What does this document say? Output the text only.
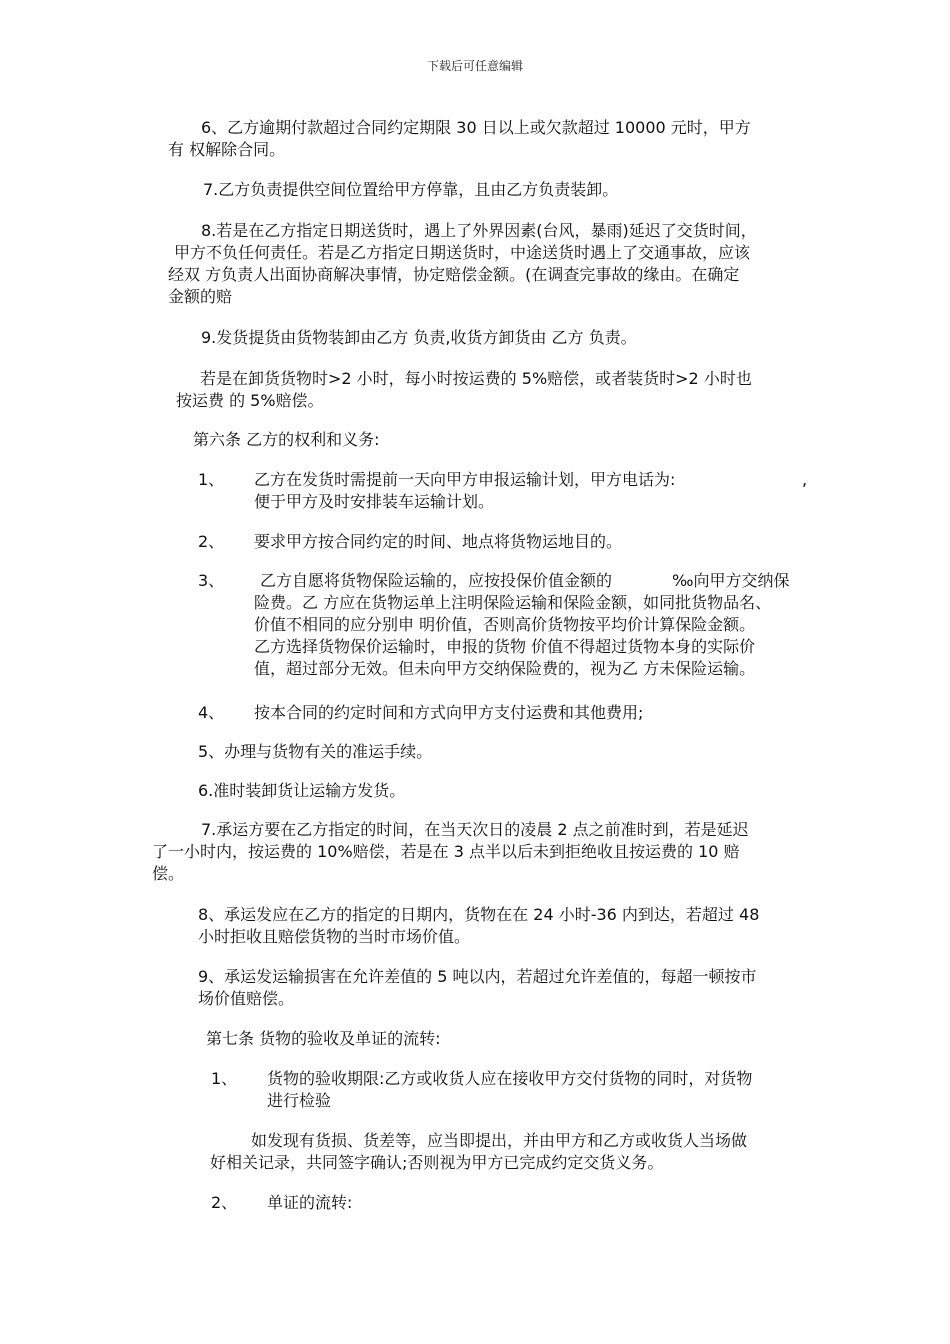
下载后可任意编辑
6、乙方逾期付款超过合同约定期限 30 日以上或欠款超过 10000 元时，甲方
有 权解除合同。
7.乙方负责提供空间位置给甲方停靠，且由乙方负责装卸。
8.若是在乙方指定日期送货时，遇上了外界因素(台风，暴雨)延迟了交货时间，
甲方不负任何责任。若是乙方指定日期送货时，中途送货时遇上了交通事故，应该
经双 方负责人出面协商解决事情，协定赔偿金额。(在调查完事故的缘由。在确定
金额的赔
9.发货提货由货物装卸由乙方 负责,收货方卸货由 乙方 负责。
若是在卸货货物时>2 小时，每小时按运费的 5%赔偿，或者装货时>2 小时也
按运费 的 5%赔偿。
第六条 乙方的权利和义务:
1、 乙方在发货时需提前一天向甲方申报运输计划，甲方电话为:
便于甲方及时安排装车运输计划。
,
2、 要求甲方按合同约定的时间、地点将货物运地目的。
3、 乙方自愿将货物保险运输的，应按投保价值金额的	‰向甲方交纳保
险费。乙 方应在货物运单上注明保险运输和保险金额，如同批货物品名、
价值不相同的应分别申 明价值，否则高价货物按平均价计算保险金额。
乙方选择货物保价运输时，申报的货物 价值不得超过货物本身的实际价
值，超过部分无效。但未向甲方交纳保险费的，视为乙 方未保险运输。
4、 按本合同的约定时间和方式向甲方支付运费和其他费用;
5、办理与货物有关的准运手续。
6.准时装卸货让运输方发货。
7.承运方要在乙方指定的时间，在当天次日的凌晨 2 点之前准时到，若是延迟
了一小时内，按运费的 10%赔偿，若是在 3 点半以后未到拒绝收且按运费的 10 赔
偿。
8、承运发应在乙方的指定的日期内，货物在在 24 小时-36 内到达，若超过 48
小时拒收且赔偿货物的当时市场价值。
9、承运发运输损害在允许差值的 5 吨以内，若超过允许差值的，每超一顿按市
场价值赔偿。
第七条 货物的验收及单证的流转:
1、 货物的验收期限:乙方或收货人应在接收甲方交付货物的同时，对货物
进行检验
如发现有货损、货差等，应当即提出，并由甲方和乙方或收货人当场做
好相关记录，共同签字确认;否则视为甲方已完成约定交货义务。
2、 单证的流转:
